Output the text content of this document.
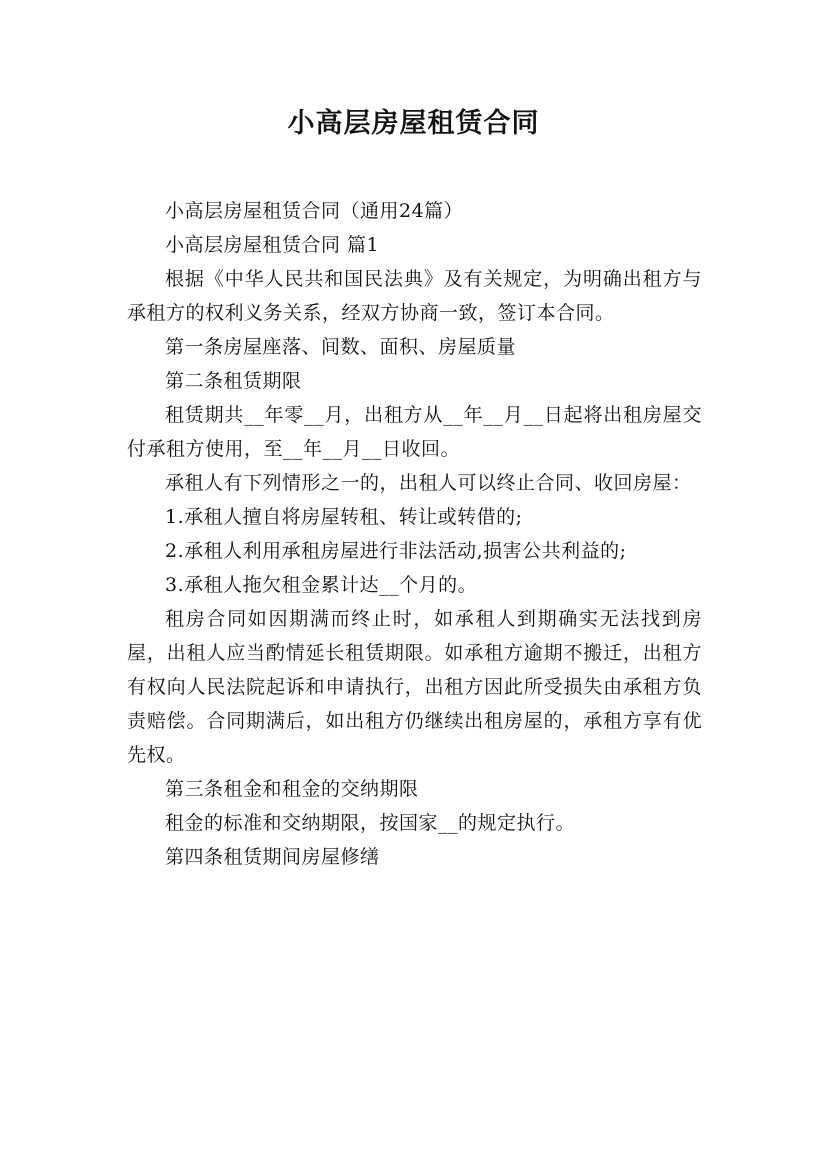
小高层房屋租赁合同

小高层房屋租赁合同（通用24篇）

小高层房屋租赁合同 篇1

根据《中华人民共和国民法典》及有关规定，为明确出租方与承租方的权利义务关系，经双方协商一致，签订本合同。

第一条房屋座落、间数、面积、房屋质量

第二条租赁期限

租赁期共__年零__月，出租方从__年__月__日起将出租房屋交付承租方使用，至__年__月__日收回。

承租人有下列情形之一的，出租人可以终止合同、收回房屋：

1.承租人擅自将房屋转租、转让或转借的;

2.承租人利用承租房屋进行非法活动,损害公共利益的;

3.承租人拖欠租金累计达__个月的。

租房合同如因期满而终止时，如承租人到期确实无法找到房屋，出租人应当酌情延长租赁期限。如承租方逾期不搬迁，出租方有权向人民法院起诉和申请执行，出租方因此所受损失由承租方负责赔偿。合同期满后，如出租方仍继续出租房屋的，承租方享有优先权。

第三条租金和租金的交纳期限

租金的标准和交纳期限，按国家__的规定执行。

第四条租赁期间房屋修缮
